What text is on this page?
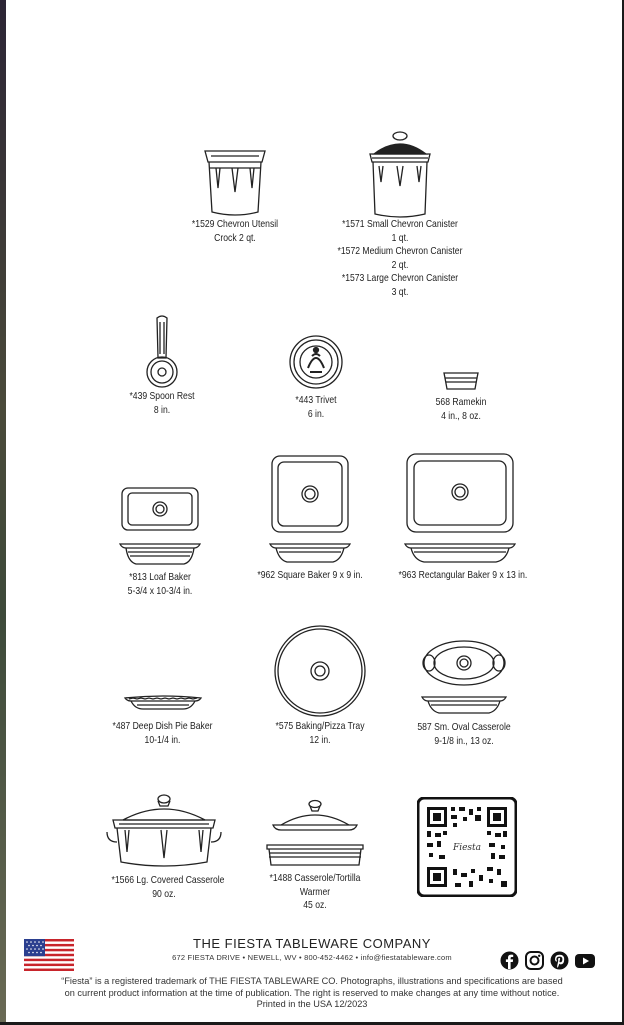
*1529 Chevron Utensil
Crock 2 qt.
*1571 Small Chevron Canister
1 qt.
*1572 Medium Chevron Canister
2 qt.
*1573 Large Chevron Canister
3 qt.
*439 Spoon Rest
8 in.
*443 Trivet
6 in.
568 Ramekin
4 in., 8 oz.
*813 Loaf Baker
5-3/4 x 10-3/4 in.
*962 Square Baker 9 x 9 in.	*963 Rectangular Baker 9 x 13 in.
*487 Deep Dish Pie Baker
10-1/4 in.
*575 Baking/Pizza Tray
12 in.
587 Sm. Oval Casserole
9-1/8 in., 13 oz.
*1566 Lg. Covered Casserole
90 oz.
*1488 Casserole/Tortilla
Warmer
45 oz.
Fiesta
THE FIESTA TABLEWARE COMPANY
672 FIESTA DRIVE • NEWELL, WV • 800-452-4462 • info@fiestatableware.com
“Fiesta” is a registered trademark of THE FIESTA TABLEWARE CO. Photographs, illustrations and specifications are based
on current product information at the time of publication. The right is reserved to make changes at any time without notice.
Printed in the USA 12/2023
